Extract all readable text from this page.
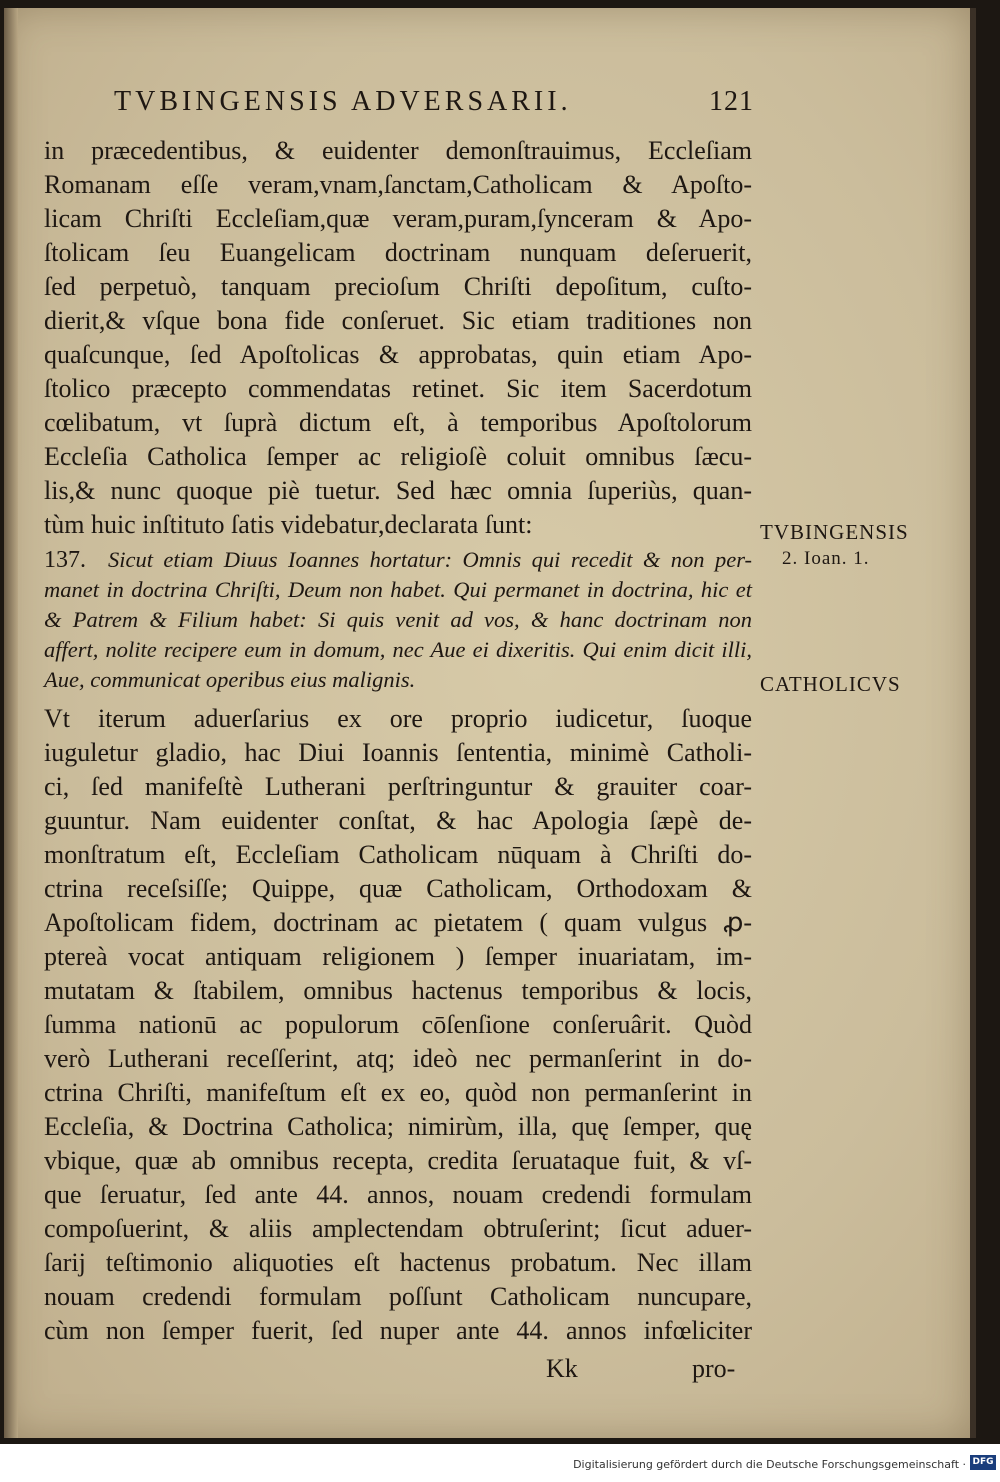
TVBINGENSIS ADVERSARII.	121
in præcedentibus, & euidenter demonſtrauimus, Eccleſiam
Romanam eſſe veram,vnam,ſanctam,Catholicam & Apoſto-
licam Chriſti Eccleſiam,quæ veram,puram,ſynceram & Apo-
ſtolicam ſeu Euangelicam doctrinam nunquam deſeruerit,
ſed perpetuò, tanquam precioſum Chriſti depoſitum, cuſto-
dierit,& vſque bona fide conſeruet. Sic etiam traditiones non
quaſcunque, ſed Apoſtolicas & approbatas, quin etiam Apo-
ſtolico præcepto commendatas retinet. Sic item Sacerdotum
cœlibatum, vt ſuprà dictum eſt, à temporibus Apoſtolorum
Eccleſia Catholica ſemper ac religioſè coluit omnibus ſæcu-
lis,& nunc quoque piè tuetur. Sed hæc omnia ſuperiùs, quan-
tùm huic inſtituto ſatis videbatur,declarata ſunt:
137. Sicut etiam Diuus Ioannes hortatur: Omnis qui recedit & non per-
manet in doctrina Chriſti, Deum non habet. Qui permanet in doctrina, hic et
& Patrem & Filium habet: Si quis venit ad vos, & hanc doctrinam non
affert, nolite recipere eum in domum, nec Aue ei dixeritis. Qui enim dicit illi,
Aue, communicat operibus eius malignis.
Vt iterum aduerſarius ex ore proprio iudicetur, ſuoque
iuguletur gladio, hac Diui Ioannis ſententia, minimè Catholi-
ci, ſed manifeſtè Lutherani perſtringuntur & grauiter coar-
guuntur. Nam euidenter conſtat, & hac Apologia ſæpè de-
monſtratum eſt, Eccleſiam Catholicam nūquam à Chriſti do-
ctrina receſsiſſe; Quippe, quæ Catholicam, Orthodoxam &
Apoſtolicam fidem, doctrinam ac pietatem ( quam vulgus ꝓ-
ptereà vocat antiquam religionem ) ſemper inuariatam, im-
mutatam & ſtabilem, omnibus hactenus temporibus & locis,
ſumma nationū ac populorum cōſenſione conſeruârit. Quòd
verò Lutherani receſſerint, atq; ideò nec permanſerint in do-
ctrina Chriſti, manifeſtum eſt ex eo, quòd non permanſerint in
Eccleſia, & Doctrina Catholica; nimirùm, illa, quę ſemper, quę
vbique, quæ ab omnibus recepta, credita ſeruataque fuit, & vſ-
que ſeruatur, ſed ante 44. annos, nouam credendi formulam
compoſuerint, & aliis amplectendam obtruſerint; ſicut aduer-
ſarij teſtimonio aliquoties eſt hactenus probatum. Nec illam
nouam credendi formulam poſſunt Catholicam nuncupare,
cùm non ſemper fuerit, ſed nuper ante 44. annos infœliciter
Kk	pro-
TVBINGENSIS
2. Ioan. 1.
CATHOLICVS
Digitalisierung gefördert durch die Deutsche Forschungsgemeinschaft · DFG
